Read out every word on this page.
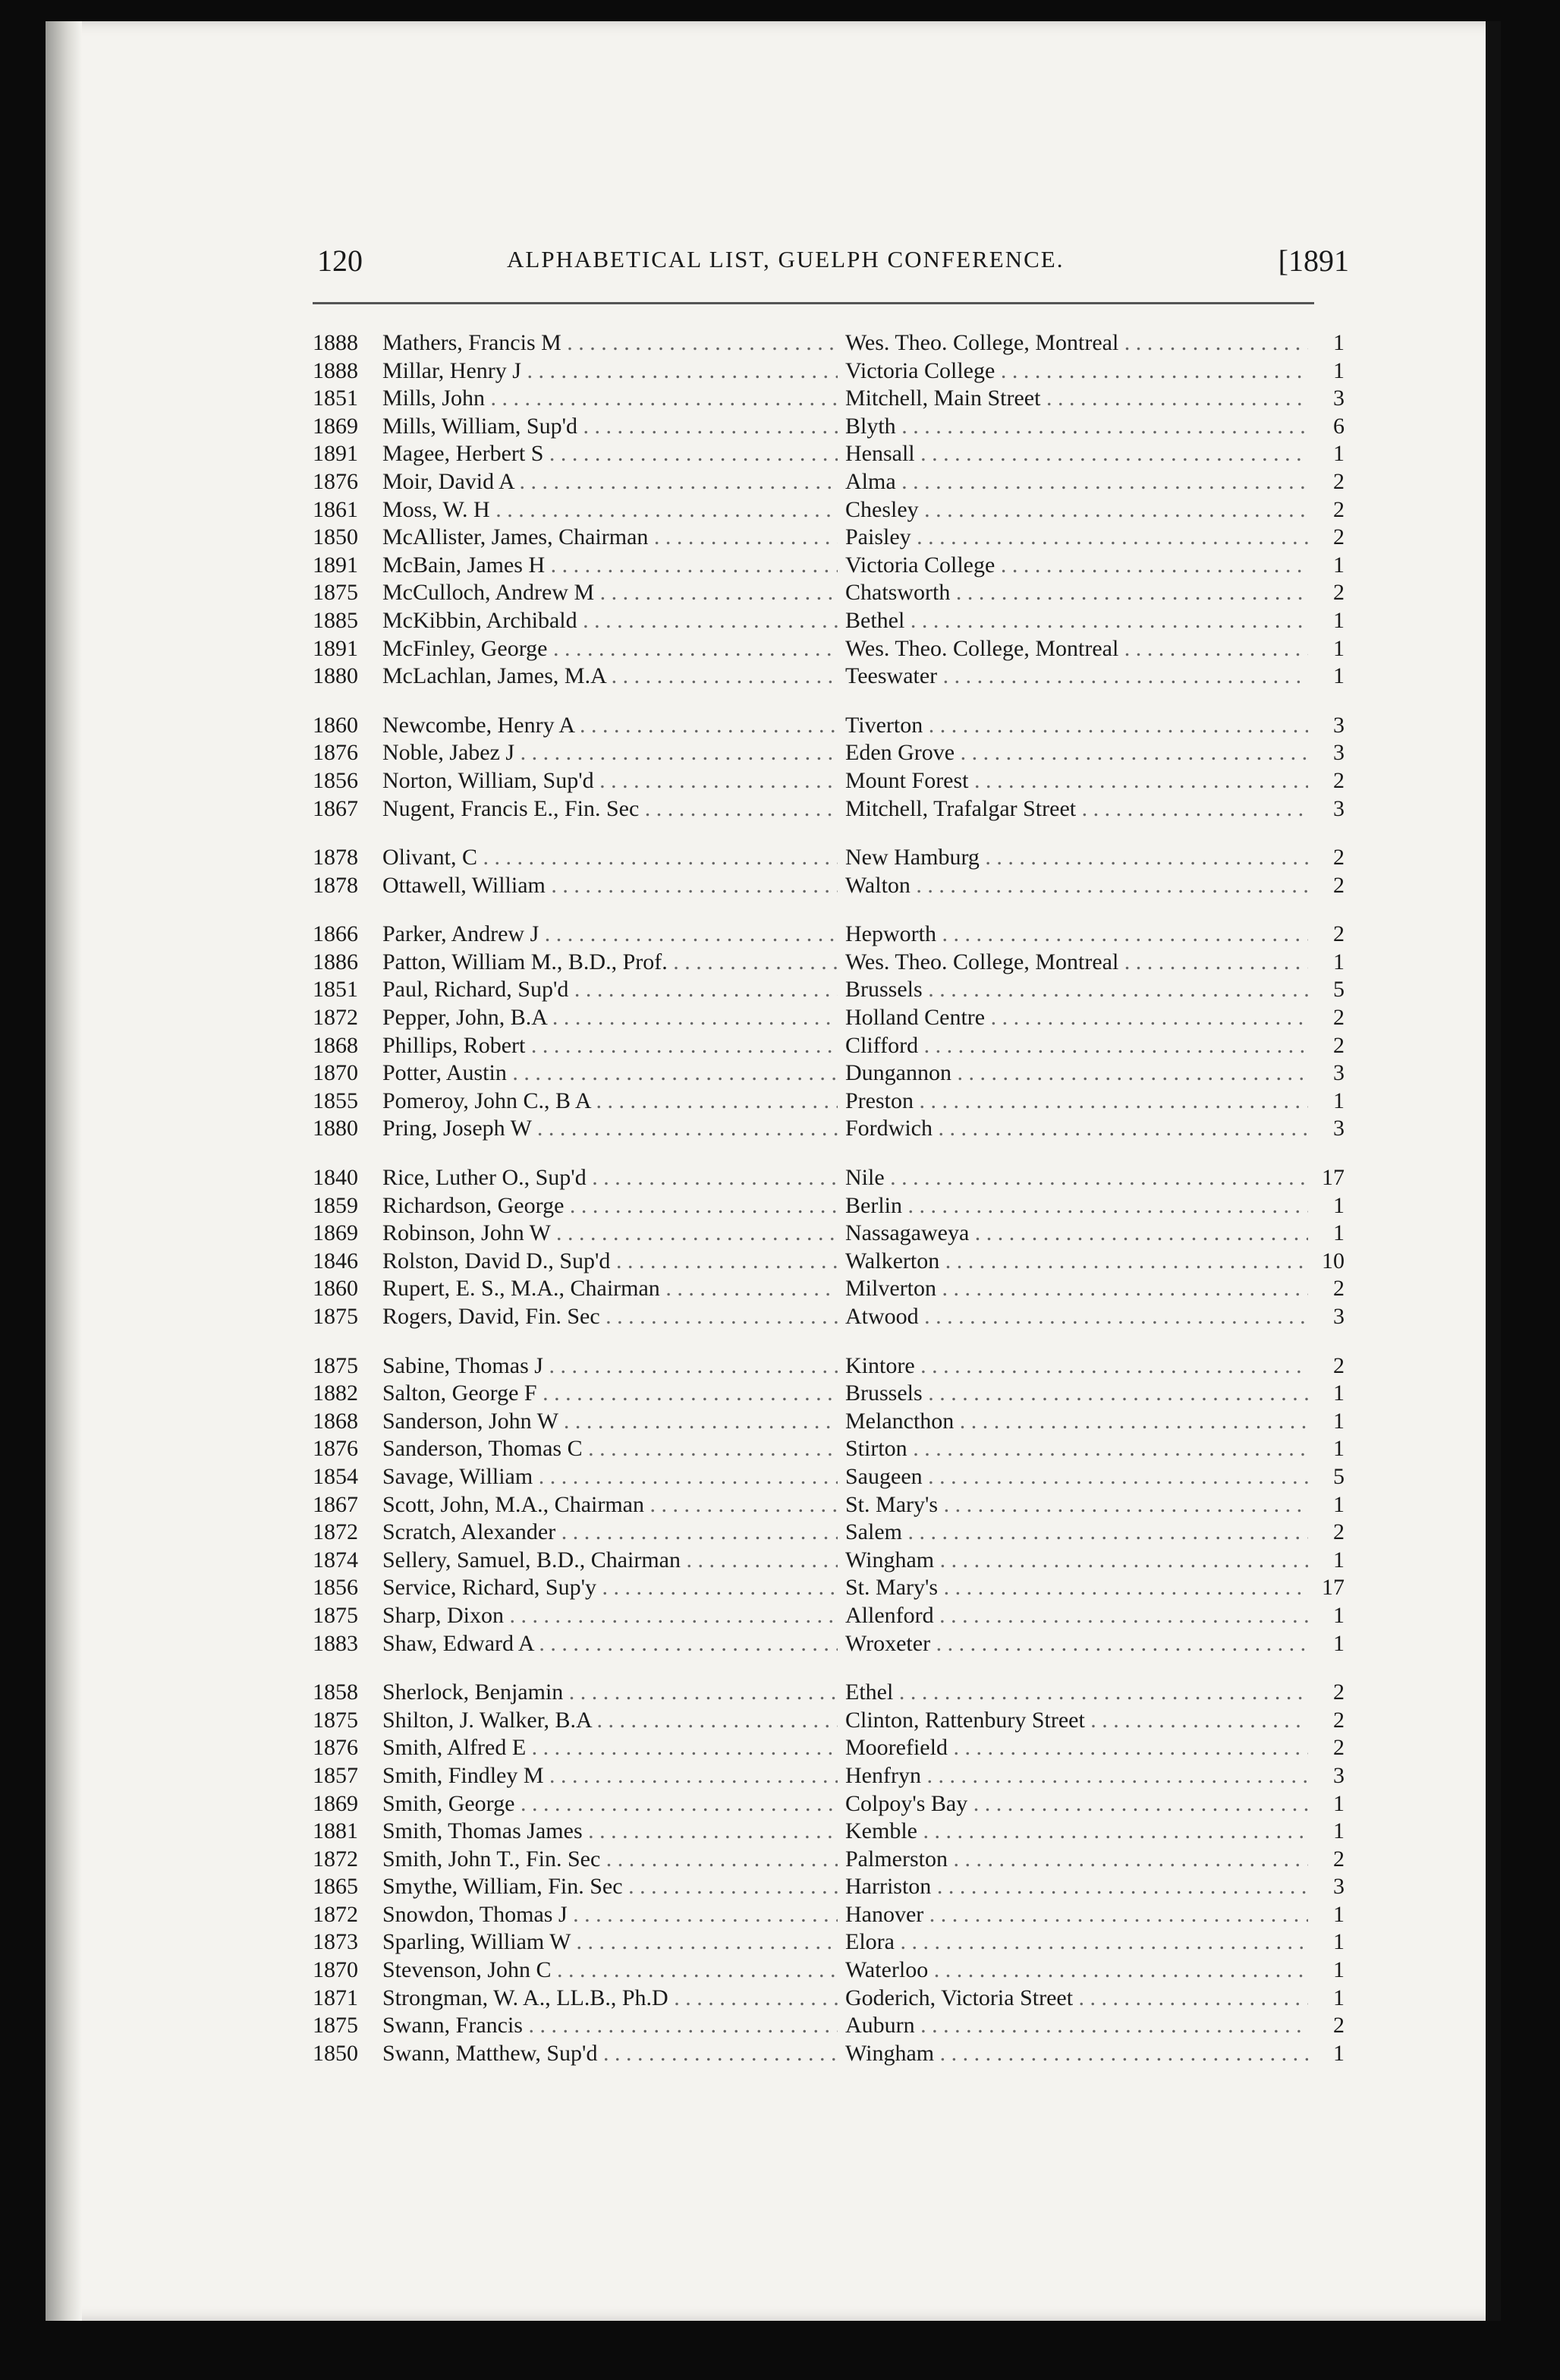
120	ALPHABETICAL LIST, GUELPH CONFERENCE.	[1891
1888	Mathers, Francis M . . .	Wes. Theo. College, Montreal . . .	1
1888	Millar, Henry J . . .	Victoria College . . .	1
1851	Mills, John . . .	Mitchell, Main Street . . .	3
1869	Mills, William, Sup'd . . .	Blyth . . .	6
1891	Magee, Herbert S . . .	Hensall . . .	1
1876	Moir, David A . . .	Alma . . .	2
1861	Moss, W. H . . .	Chesley . . .	2
1850	McAllister, James, Chairman . . .	Paisley . . .	2
1891	McBain, James H . . .	Victoria College . . .	1
1875	McCulloch, Andrew M . . .	Chatsworth . . .	2
1885	McKibbin, Archibald . . .	Bethel . . .	1
1891	McFinley, George . . .	Wes. Theo. College, Montreal . . .	1
1880	McLachlan, James, M.A . . .	Teeswater . . .	1
1860	Newcombe, Henry A . . .	Tiverton . . .	3
1876	Noble, Jabez J . . .	Eden Grove . . .	3
1856	Norton, William, Sup'd . . .	Mount Forest . . .	2
1867	Nugent, Francis E., Fin. Sec . . .	Mitchell, Trafalgar Street . . .	3
1878	Olivant, C . . .	New Hamburg . . .	2
1878	Ottawell, William . . .	Walton . . .	2
1866	Parker, Andrew J . . .	Hepworth . . .	2
1886	Patton, William M., B.D., Prof. . . .	Wes. Theo. College, Montreal . . .	1
1851	Paul, Richard, Sup'd . . .	Brussels . . .	5
1872	Pepper, John, B.A . . .	Holland Centre . . .	2
1868	Phillips, Robert . . .	Clifford . . .	2
1870	Potter, Austin . . .	Dungannon . . .	3
1855	Pomeroy, John C., B A . . .	Preston . . .	1
1880	Pring, Joseph W . . .	Fordwich . . .	3
1840	Rice, Luther O., Sup'd . . .	Nile . . .	17
1859	Richardson, George . . .	Berlin . . .	1
1869	Robinson, John W . . .	Nassagaweya . . .	1
1846	Rolston, David D., Sup'd . . .	Walkerton . . .	10
1860	Rupert, E. S., M.A., Chairman . . .	Milverton . . .	2
1875	Rogers, David, Fin. Sec . . .	Atwood . . .	3
1875	Sabine, Thomas J . . .	Kintore . . .	2
1882	Salton, George F . . .	Brussels . . .	1
1868	Sanderson, John W . . .	Melancthon . . .	1
1876	Sanderson, Thomas C . . .	Stirton . . .	1
1854	Savage, William . . .	Saugeen . . .	5
1867	Scott, John, M.A., Chairman . . .	St. Mary's . . .	1
1872	Scratch, Alexander . . .	Salem . . .	2
1874	Sellery, Samuel, B.D., Chairman . . .	Wingham . . .	1
1856	Service, Richard, Sup'y . . .	St. Mary's . . .	17
1875	Sharp, Dixon . . .	Allenford . . .	1
1883	Shaw, Edward A . . .	Wroxeter . . .	1
1858	Sherlock, Benjamin . . .	Ethel . . .	2
1875	Shilton, J. Walker, B.A . . .	Clinton, Rattenbury Street . . .	2
1876	Smith, Alfred E . . .	Moorefield . . .	2
1857	Smith, Findley M . . .	Henfryn . . .	3
1869	Smith, George . . .	Colpoy's Bay . . .	1
1881	Smith, Thomas James . . .	Kemble . . .	1
1872	Smith, John T., Fin. Sec . . .	Palmerston . . .	2
1865	Smythe, William, Fin. Sec . . .	Harriston . . .	3
1872	Snowdon, Thomas J . . .	Hanover . . .	1
1873	Sparling, William W . . .	Elora . . .	1
1870	Stevenson, John C . . .	Waterloo . . .	1
1871	Strongman, W. A., LL.B., Ph.D . . .	Goderich, Victoria Street . . .	1
1875	Swann, Francis . . .	Auburn . . .	2
1850	Swann, Matthew, Sup'd . . .	Wingham . . .	1
